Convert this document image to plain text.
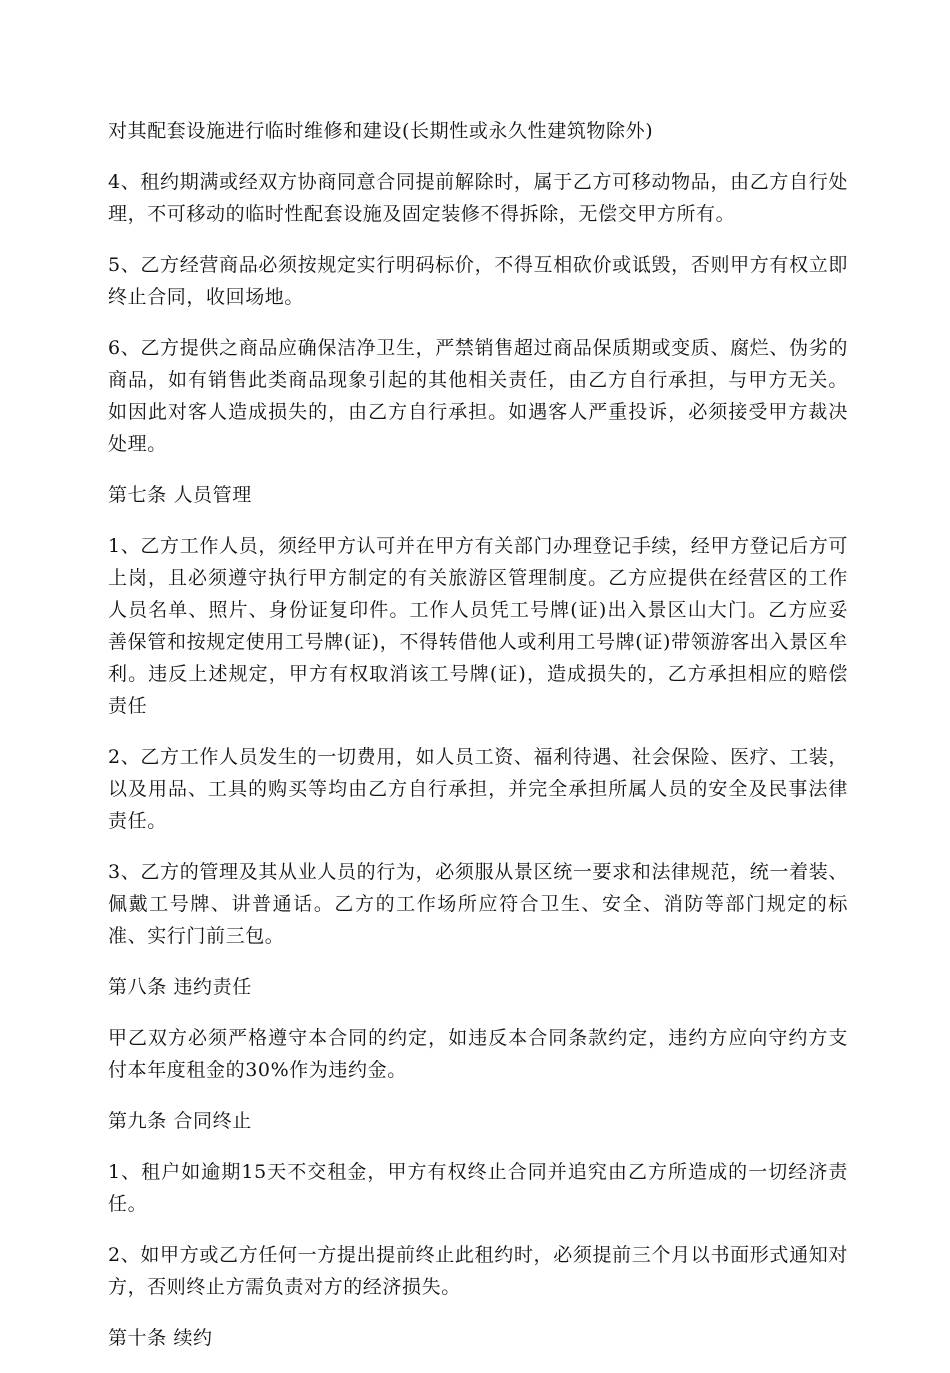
对其配套设施进行临时维修和建设(长期性或永久性建筑物除外)

4、租约期满或经双方协商同意合同提前解除时，属于乙方可移动物品，由乙方自行处理，不可移动的临时性配套设施及固定装修不得拆除，无偿交甲方所有。

5、乙方经营商品必须按规定实行明码标价，不得互相砍价或诋毁，否则甲方有权立即终止合同，收回场地。

6、乙方提供之商品应确保洁净卫生，严禁销售超过商品保质期或变质、腐烂、伪劣的商品，如有销售此类商品现象引起的其他相关责任，由乙方自行承担，与甲方无关。如因此对客人造成损失的，由乙方自行承担。如遇客人严重投诉，必须接受甲方裁决处理。

第七条 人员管理

1、乙方工作人员，须经甲方认可并在甲方有关部门办理登记手续，经甲方登记后方可上岗，且必须遵守执行甲方制定的有关旅游区管理制度。乙方应提供在经营区的工作人员名单、照片、身份证复印件。工作人员凭工号牌(证)出入景区山大门。乙方应妥善保管和按规定使用工号牌(证)，不得转借他人或利用工号牌(证)带领游客出入景区牟利。违反上述规定，甲方有权取消该工号牌(证)，造成损失的，乙方承担相应的赔偿责任

2、乙方工作人员发生的一切费用，如人员工资、福利待遇、社会保险、医疗、工装，以及用品、工具的购买等均由乙方自行承担，并完全承担所属人员的安全及民事法律责任。

3、乙方的管理及其从业人员的行为，必须服从景区统一要求和法律规范，统一着装、佩戴工号牌、讲普通话。乙方的工作场所应符合卫生、安全、消防等部门规定的标准、实行门前三包。

第八条 违约责任

甲乙双方必须严格遵守本合同的约定，如违反本合同条款约定，违约方应向守约方支付本年度租金的30%作为违约金。

第九条 合同终止

1、租户如逾期15天不交租金，甲方有权终止合同并追究由乙方所造成的一切经济责任。

2、如甲方或乙方任何一方提出提前终止此租约时，必须提前三个月以书面形式通知对方，否则终止方需负责对方的经济损失。

第十条 续约
